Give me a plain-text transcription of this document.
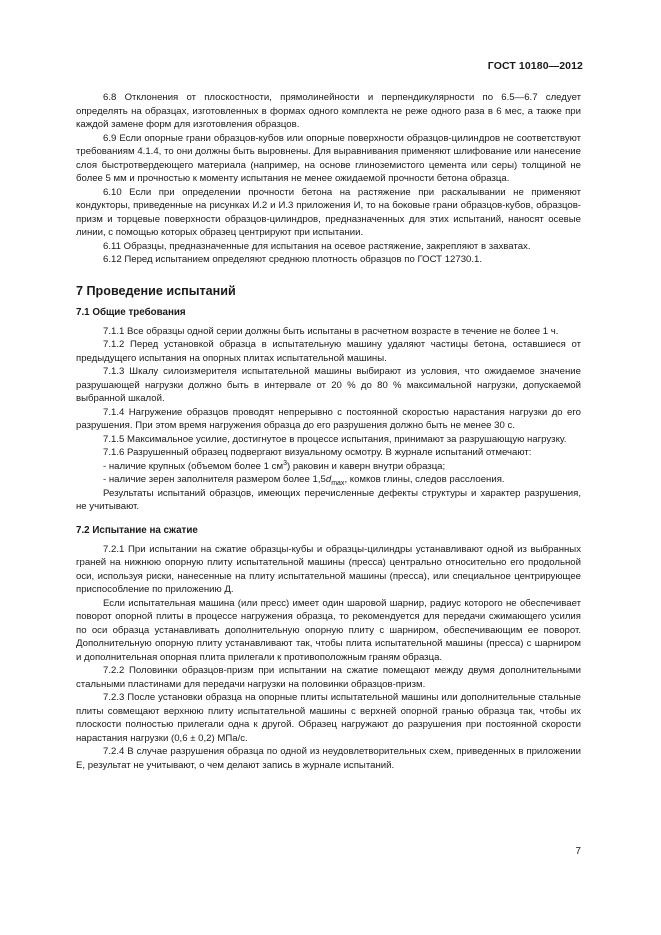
ГОСТ 10180—2012

6.8 Отклонения от плоскостности, прямолинейности и перпендикулярности по 6.5—6.7 следует определять на образцах, изготовленных в формах одного комплекта не реже одного раза в 6 мес, а также при каждой замене форм для изготовления образцов.

6.9 Если опорные грани образцов-кубов или опорные поверхности образцов-цилиндров не соответствуют требованиям 4.1.4, то они должны быть выровнены. Для выравнивания применяют шлифование или нанесение слоя быстротвердеющего материала (например, на основе глиноземистого цемента или серы) толщиной не более 5 мм и прочностью к моменту испытания не менее ожидаемой прочности бетона образца.

6.10 Если при определении прочности бетона на растяжение при раскалывании не применяют кондукторы, приведенные на рисунках И.2 и И.3 приложения И, то на боковые грани образцов-кубов, образцов-призм и торцевые поверхности образцов-цилиндров, предназначенных для этих испытаний, наносят осевые линии, с помощью которых образец центрируют при испытании.

6.11 Образцы, предназначенные для испытания на осевое растяжение, закрепляют в захватах.

6.12 Перед испытанием определяют среднюю плотность образцов по ГОСТ 12730.1.

7 Проведение испытаний
7.1 Общие требования

7.1.1 Все образцы одной серии должны быть испытаны в расчетном возрасте в течение не более 1 ч.

7.1.2 Перед установкой образца в испытательную машину удаляют частицы бетона, оставшиеся от предыдущего испытания на опорных плитах испытательной машины.

7.1.3 Шкалу силоизмерителя испытательной машины выбирают из условия, что ожидаемое значение разрушающей нагрузки должно быть в интервале от 20 % до 80 % максимальной нагрузки, допускаемой выбранной шкалой.

7.1.4 Нагружение образцов проводят непрерывно с постоянной скоростью нарастания нагрузки до его разрушения. При этом время нагружения образца до его разрушения должно быть не менее 30 с.

7.1.5 Максимальное усилие, достигнутое в процессе испытания, принимают за разрушающую нагрузку.

7.1.6 Разрушенный образец подвергают визуальному осмотру. В журнале испытаний отмечают:

- наличие крупных (объемом более 1 $см^3$) раковин и каверн внутри образца;

- наличие зерен заполнителя размером более $1,5d_{max}$, комков глины, следов расслоения.

Результаты испытаний образцов, имеющих перечисленные дефекты структуры и характер разрушения, не учитывают.

7.2 Испытание на сжатие

7.2.1 При испытании на сжатие образцы-кубы и образцы-цилиндры устанавливают одной из выбранных граней на нижнюю опорную плиту испытательной машины (пресса) центрально относительно его продольной оси, используя риски, нанесенные на плиту испытательной машины (пресса), или специальное центрирующее приспособление по приложению Д.

Если испытательная машина (или пресс) имеет один шаровой шарнир, радиус которого не обеспечивает поворот опорной плиты в процессе нагружения образца, то рекомендуется для передачи сжимающего усилия по оси образца устанавливать дополнительную опорную плиту с шарниром, обеспечивающим ее поворот. Дополнительную опорную плиту устанавливают так, чтобы плита испытательной машины (пресса) с шарниром и дополнительная опорная плита прилегали к противоположным граням образца.

7.2.2 Половинки образцов-призм при испытании на сжатие помещают между двумя дополнительными стальными пластинами для передачи нагрузки на половинки образцов-призм.

7.2.3 После установки образца на опорные плиты испытательной машины или дополнительные стальные плиты совмещают верхнюю плиту испытательной машины с верхней опорной гранью образца так, чтобы их плоскости полностью прилегали одна к другой. Образец нагружают до разрушения при постоянной скорости нарастания нагрузки (0,6 ± 0,2) МПа/с.

7.2.4 В случае разрушения образца по одной из неудовлетворительных схем, приведенных в приложении Е, результат не учитывают, о чем делают запись в журнале испытаний.

7
